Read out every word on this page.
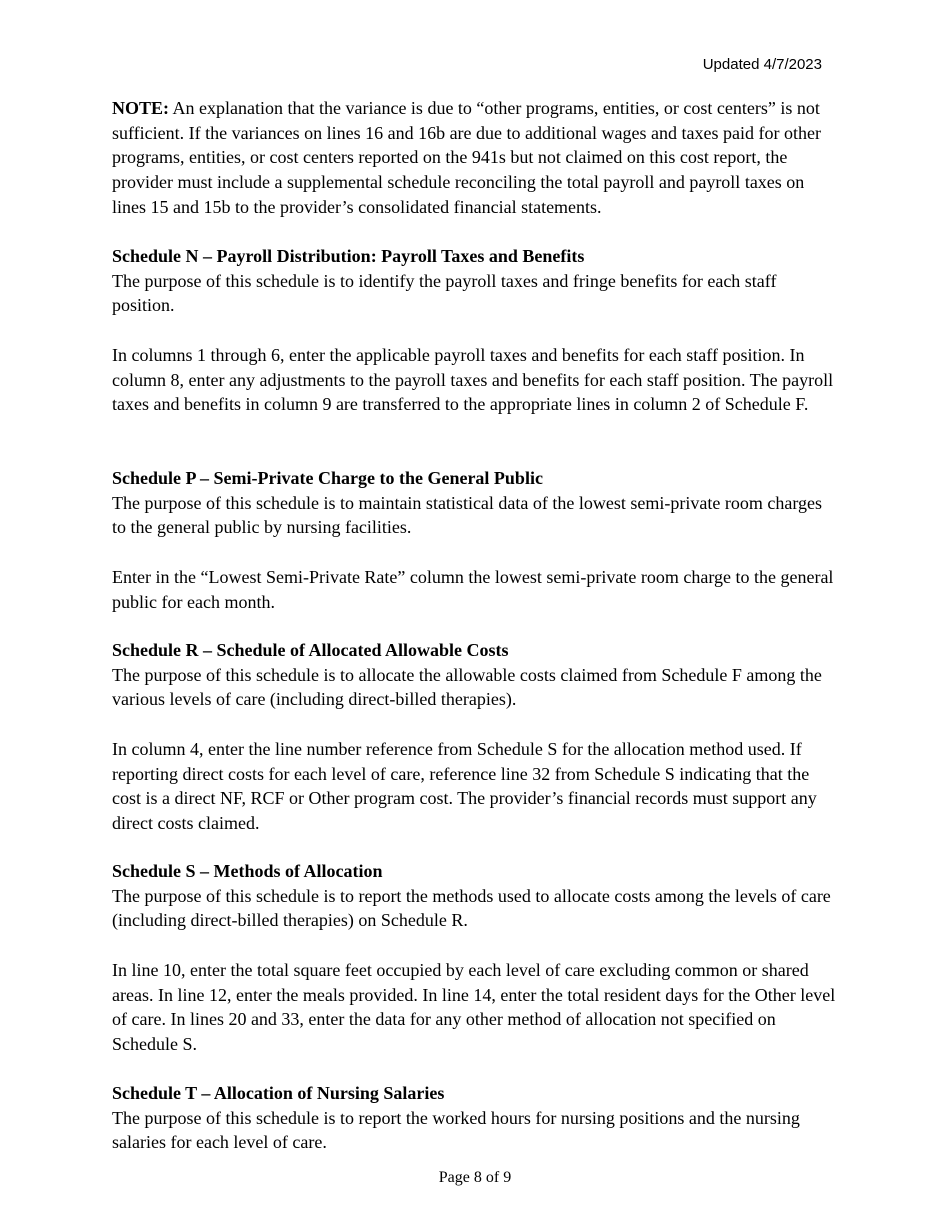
Updated 4/7/2023
NOTE: An explanation that the variance is due to “other programs, entities, or cost centers” is not sufficient. If the variances on lines 16 and 16b are due to additional wages and taxes paid for other programs, entities, or cost centers reported on the 941s but not claimed on this cost report, the provider must include a supplemental schedule reconciling the total payroll and payroll taxes on lines 15 and 15b to the provider’s consolidated financial statements.
Schedule N – Payroll Distribution: Payroll Taxes and Benefits

The purpose of this schedule is to identify the payroll taxes and fringe benefits for each staff position.

In columns 1 through 6, enter the applicable payroll taxes and benefits for each staff position. In column 8, enter any adjustments to the payroll taxes and benefits for each staff position. The payroll taxes and benefits in column 9 are transferred to the appropriate lines in column 2 of Schedule F.

Schedule P – Semi-Private Charge to the General Public

The purpose of this schedule is to maintain statistical data of the lowest semi-private room charges to the general public by nursing facilities.

Enter in the “Lowest Semi-Private Rate” column the lowest semi-private room charge to the general public for each month.

Schedule R – Schedule of Allocated Allowable Costs

The purpose of this schedule is to allocate the allowable costs claimed from Schedule F among the various levels of care (including direct-billed therapies).

In column 4, enter the line number reference from Schedule S for the allocation method used. If reporting direct costs for each level of care, reference line 32 from Schedule S indicating that the cost is a direct NF, RCF or Other program cost. The provider’s financial records must support any direct costs claimed.

Schedule S – Methods of Allocation

The purpose of this schedule is to report the methods used to allocate costs among the levels of care (including direct-billed therapies) on Schedule R.

In line 10, enter the total square feet occupied by each level of care excluding common or shared areas. In line 12, enter the meals provided. In line 14, enter the total resident days for the Other level of care. In lines 20 and 33, enter the data for any other method of allocation not specified on Schedule S.

Schedule T – Allocation of Nursing Salaries

The purpose of this schedule is to report the worked hours for nursing positions and the nursing salaries for each level of care.

Page 8 of 9
